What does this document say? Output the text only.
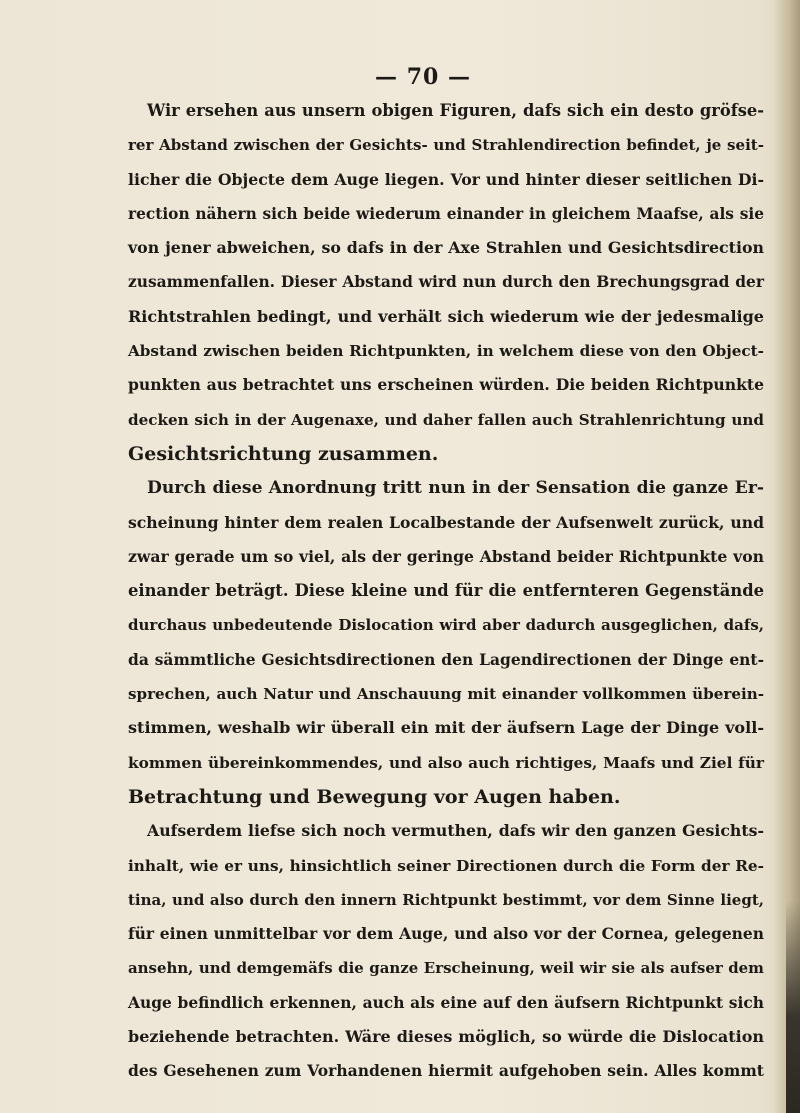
— 70 —
Wir ersehen aus unsern obigen Figuren, dafs sich ein desto gröfse-
rer Abstand zwischen der Gesichts- und Strahlendirection befindet, je seit-
licher die Objecte dem Auge liegen. Vor und hinter dieser seitlichen Di-
rection nähern sich beide wiederum einander in gleichem Maafse, als sie
von jener abweichen, so dafs in der Axe Strahlen und Gesichtsdirection
zusammenfallen. Dieser Abstand wird nun durch den Brechungsgrad der
Richtstrahlen bedingt, und verhält sich wiederum wie der jedesmalige
Abstand zwischen beiden Richtpunkten, in welchem diese von den Object-
punkten aus betrachtet uns erscheinen würden. Die beiden Richtpunkte
decken sich in der Augenaxe, und daher fallen auch Strahlenrichtung und
Gesichtsrichtung zusammen.
Durch diese Anordnung tritt nun in der Sensation die ganze Er-
scheinung hinter dem realen Localbestande der Aufsenwelt zurück, und
zwar gerade um so viel, als der geringe Abstand beider Richtpunkte von
einander beträgt. Diese kleine und für die entfernteren Gegenstände
durchaus unbedeutende Dislocation wird aber dadurch ausgeglichen, dafs,
da sämmtliche Gesichtsdirectionen den Lagendirectionen der Dinge ent-
sprechen, auch Natur und Anschauung mit einander vollkommen überein-
stimmen, weshalb wir überall ein mit der äufsern Lage der Dinge voll-
kommen übereinkommendes, und also auch richtiges, Maafs und Ziel für
Betrachtung und Bewegung vor Augen haben.
Aufserdem liefse sich noch vermuthen, dafs wir den ganzen Gesichts-
inhalt, wie er uns, hinsichtlich seiner Directionen durch die Form der Re-
tina, und also durch den innern Richtpunkt bestimmt, vor dem Sinne liegt,
für einen unmittelbar vor dem Auge, und also vor der Cornea, gelegenen
ansehn, und demgemäfs die ganze Erscheinung, weil wir sie als aufser dem
Auge befindlich erkennen, auch als eine auf den äufsern Richtpunkt sich
beziehende betrachten. Wäre dieses möglich, so würde die Dislocation
des Gesehenen zum Vorhandenen hiermit aufgehoben sein. Alles kommt
